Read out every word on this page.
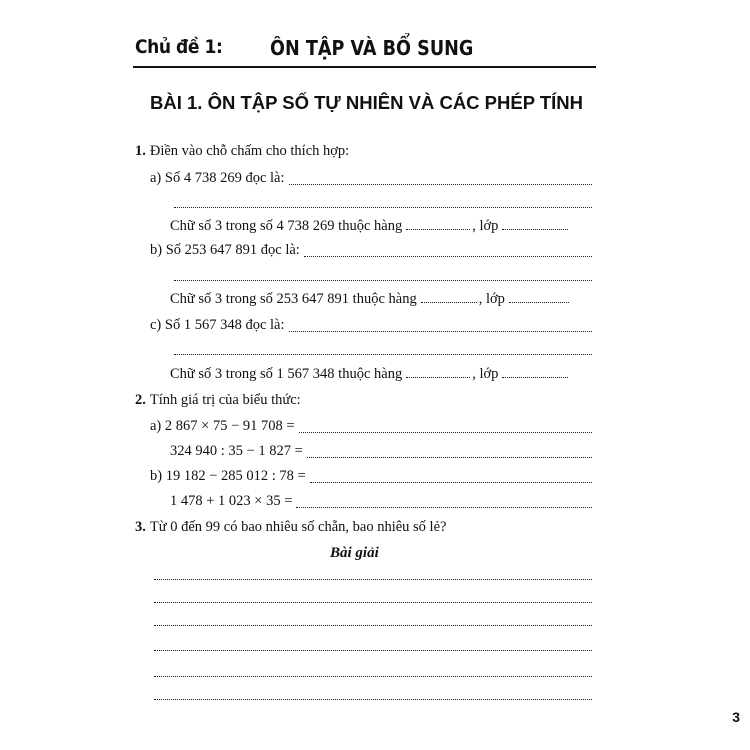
Chủ đề 1: ÔN TẬP VÀ BỔ SUNG
BÀI 1. ÔN TẬP SỐ TỰ NHIÊN VÀ CÁC PHÉP TÍNH
1. Điền vào chỗ chấm cho thích hợp:
a) Số 4 738 269 đọc là:
Chữ số 3 trong số 4 738 269 thuộc hàng	, lớp
b) Số 253 647 891 đọc là:
Chữ số 3 trong số 253 647 891 thuộc hàng	, lớp
c) Số 1 567 348 đọc là:
Chữ số 3 trong số 1 567 348 thuộc hàng	, lớp
2. Tính giá trị của biểu thức:
a) 2 867 × 75 − 91 708 =
324 940 : 35 − 1 827 =
b) 19 182 − 285 012 : 78 =
1 478 + 1 023 × 35 =
3. Từ 0 đến 99 có bao nhiêu số chẵn, bao nhiêu số lẻ?
Bài giải
3
